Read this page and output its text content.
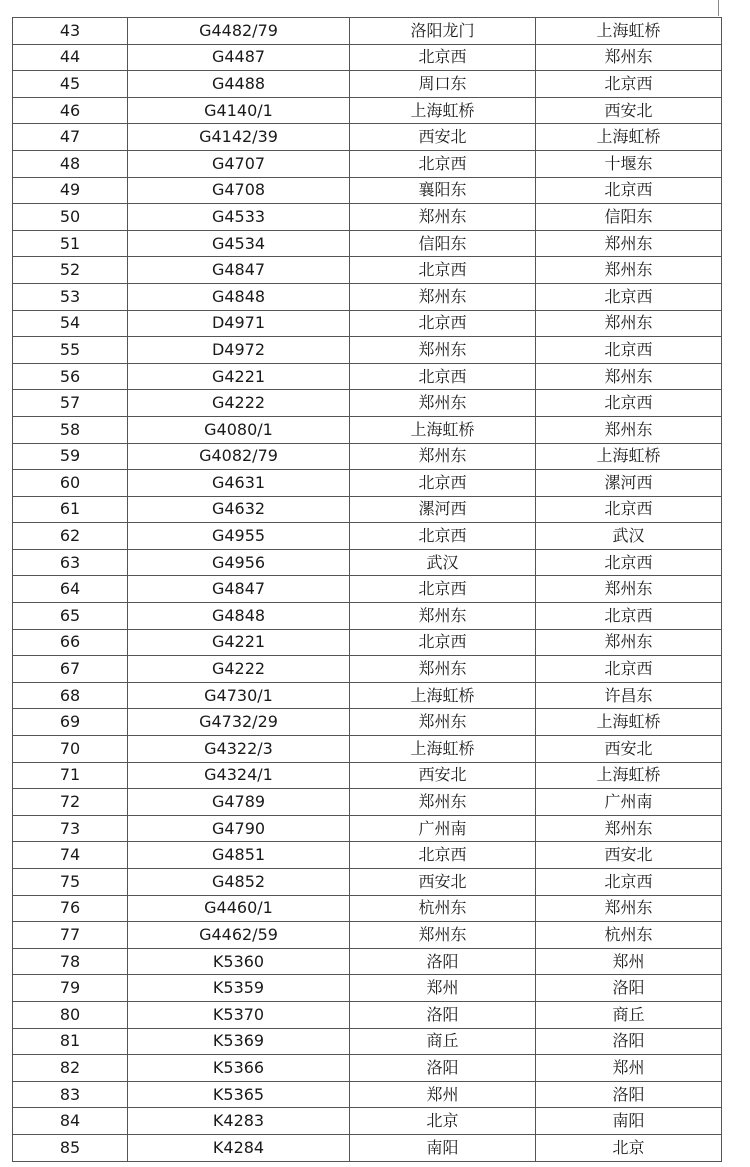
43	G4482/79	洛阳龙门	上海虹桥
44	G4487	北京西	郑州东
45	G4488	周口东	北京西
46	G4140/1	上海虹桥	西安北
47	G4142/39	西安北	上海虹桥
48	G4707	北京西	十堰东
49	G4708	襄阳东	北京西
50	G4533	郑州东	信阳东
51	G4534	信阳东	郑州东
52	G4847	北京西	郑州东
53	G4848	郑州东	北京西
54	D4971	北京西	郑州东
55	D4972	郑州东	北京西
56	G4221	北京西	郑州东
57	G4222	郑州东	北京西
58	G4080/1	上海虹桥	郑州东
59	G4082/79	郑州东	上海虹桥
60	G4631	北京西	漯河西
61	G4632	漯河西	北京西
62	G4955	北京西	武汉
63	G4956	武汉	北京西
64	G4847	北京西	郑州东
65	G4848	郑州东	北京西
66	G4221	北京西	郑州东
67	G4222	郑州东	北京西
68	G4730/1	上海虹桥	许昌东
69	G4732/29	郑州东	上海虹桥
70	G4322/3	上海虹桥	西安北
71	G4324/1	西安北	上海虹桥
72	G4789	郑州东	广州南
73	G4790	广州南	郑州东
74	G4851	北京西	西安北
75	G4852	西安北	北京西
76	G4460/1	杭州东	郑州东
77	G4462/59	郑州东	杭州东
78	K5360	洛阳	郑州
79	K5359	郑州	洛阳
80	K5370	洛阳	商丘
81	K5369	商丘	洛阳
82	K5366	洛阳	郑州
83	K5365	郑州	洛阳
84	K4283	北京	南阳
85	K4284	南阳	北京
